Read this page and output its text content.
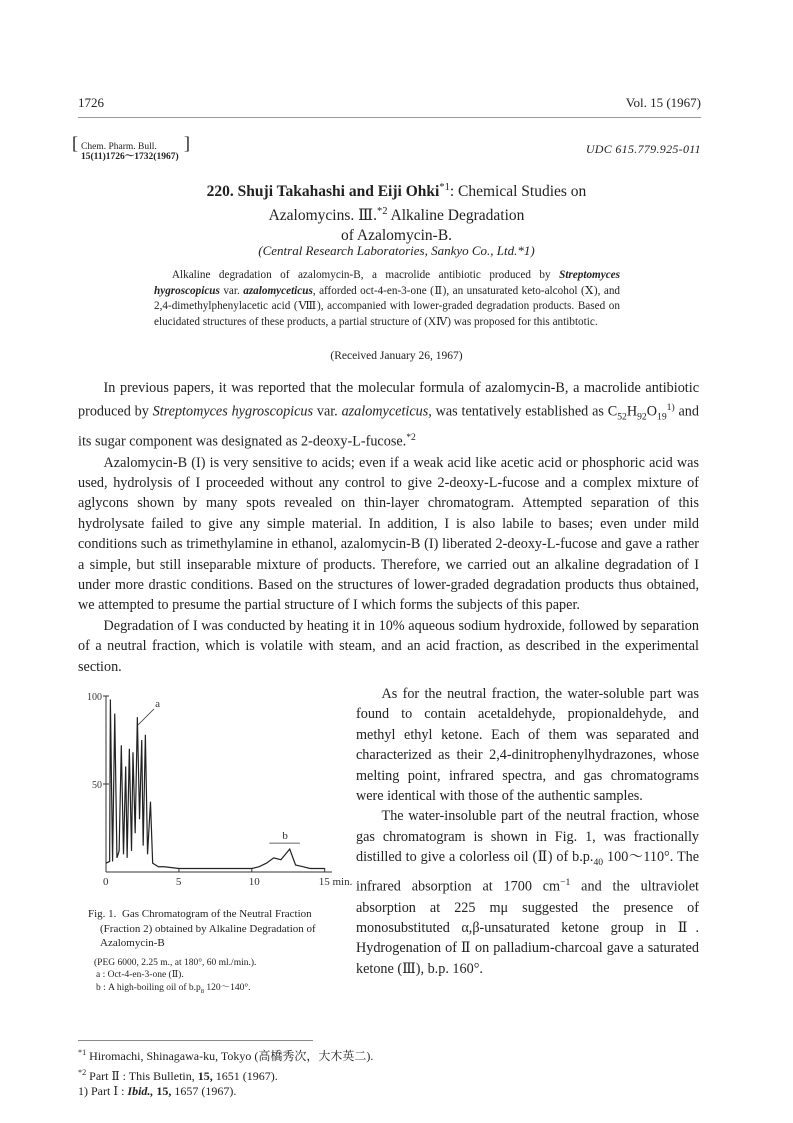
1726	Vol. 15 (1967)
[ Chem. Pharm. Bull.
15(11)1726～1732(1967)
]	UDC 615.779.925-011
220. Shuji Takahashi and Eiji Ohki$^{*1}$: Chemical Studies on
Azalomycins. Ⅲ.$^{*2}$ Alkaline Degradation
of Azalomycin-B.
(Central Research Laboratories, Sankyo Co., Ltd.*1)
Alkaline degradation of azalomycin-B, a macrolide antibiotic produced by Streptomyces hygroscopicus var. azalomyceticus, afforded oct-4-en-3-one (Ⅱ), an unsaturated keto-alcohol (Ⅹ), and 2,4-dimethylphenylacetic acid (Ⅷ), accompanied with lower-graded degradation products. Based on elucidated structures of these products, a partial structure of (XⅣ) was proposed for this antibtotic.
(Received January 26, 1967)

In previous papers, it was reported that the molecular formula of azalomycin-B, a macrolide antibiotic produced by Streptomyces hygroscopicus var. azalomyceticus, was tentatively established as $C_{52}H_{92}O_{19}^{1)}$ and its sugar component was designated as 2-deoxy-L-fucose.$^{*2}$

Azalomycin-B (I) is very sensitive to acids; even if a weak acid like acetic acid or phosphoric acid was used, hydrolysis of I proceeded without any control to give 2-deoxy-L-fucose and a complex mixture of aglycons shown by many spots revealed on thin-layer chromatogram. Attempted separation of this hydrolysate failed to give any simple material. In addition, I is also labile to bases; even under mild conditions such as trimethylamine in ethanol, azalomycin-B (I) liberated 2-deoxy-L-fucose and gave a rather a simple, but still inseparable mixture of products. Therefore, we carried out an alkaline degradation of I under more drastic conditions. Based on the structures of lower-graded degradation products thus obtained, we attempted to presume the partial structure of I which forms the subjects of this paper.

Degradation of I was conducted by heating it in 10% aqueous sodium hydroxide, followed by separation of a neutral fraction, which is volatile with steam, and an acid fraction, as described in the experimental section.

0	5	10	15 min.
100
50
a
b
Fig. 1. Gas Chromatogram of the Neutral Fraction (Fraction 2) obtained by Alkaline Degradation of Azalomycin-B
(PEG 6000, 2.25 m., at 180°, 60 ml./min.).
a : Oct-4-en-3-one (Ⅱ).
b : A high-boiling oil of $b.p_8$ 120～140°.

As for the neutral fraction, the water-soluble part was found to contain acetaldehyde, propionaldehyde, and methyl ethyl ketone. Each of them was separated and characterized as their 2,4-dinitrophenylhydrazones, whose melting point, infrared spectra, and gas chromatograms were identical with those of the authentic samples.

The water-insoluble part of the neutral fraction, whose gas chromatogram is shown in Fig. 1, was fractionally distilled to give a colorless oil (Ⅱ) of $b.p._{40}$ 100～110°. The infrared absorption at 1700 $cm^{-1}$ and the ultraviolet absorption at 225 mμ suggested the presence of monosubstituted α,β-unsaturated ketone group in Ⅱ. Hydrogenation of Ⅱ on palladium-charcoal gave a saturated ketone (Ⅲ), b.p. 160°.

$^{*1}$ Hiromachi, Shinagawa-ku, Tokyo (高橋秀次，大木英二).
$^{*2}$ Part Ⅱ : This Bulletin, 15, 1651 (1967).
1) Part Ⅰ : Ibid., 15, 1657 (1967).
